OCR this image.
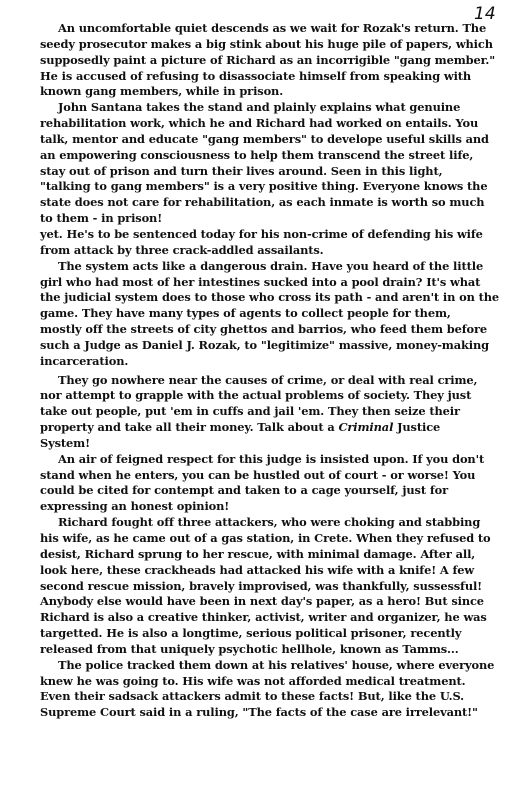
14

An uncomfortable quiet descends as we wait for Rozak's return. The
seedy prosecutor makes a big stink about his huge pile of papers, which
supposedly paint a picture of Richard as an incorrigible "gang member."
He is accused of refusing to disassociate himself from speaking with
known gang members, while in prison.

John Santana takes the stand and plainly explains what genuine
rehabilitation work, which he and Richard had worked on entails. You
talk, mentor and educate "gang members" to develope useful skills and
an empowering consciousness to help them transcend the street life,
stay out of prison and turn their lives around. Seen in this light,
"talking to gang members" is a very positive thing. Everyone knows the
state does not care for rehabilitation, as each inmate is worth so much
to them - in prison!

yet. He's to be sentenced today for his non-crime of defending his wife
from attack by three crack-addled assailants.

The system acts like a dangerous drain. Have you heard of the little
girl who had most of her intestines sucked into a pool drain? It's what
the judicial system does to those who cross its path - and aren't in on the
game. They have many types of agents to collect people for them,
mostly off the streets of city ghettos and barrios, who feed them before
such a Judge as Daniel J. Rozak, to "legitimize" massive, money-making
incarceration.

They go nowhere near the causes of crime, or deal with real crime,
nor attempt to grapple with the actual problems of society. They just
take out people, put 'em in cuffs and jail 'em. They then seize their
property and take all their money. Talk about a Criminal Justice
System!

An air of feigned respect for this judge is insisted upon. If you don't
stand when he enters, you can be hustled out of court - or worse! You
could be cited for contempt and taken to a cage yourself, just for
expressing an honest opinion!

Richard fought off three attackers, who were choking and stabbing
his wife, as he came out of a gas station, in Crete. When they refused to
desist, Richard sprung to her rescue, with minimal damage. After all,
look here, these crackheads had attacked his wife with a knife! A few
second rescue mission, bravely improvised, was thankfully, sussessful!
Anybody else would have been in next day's paper, as a hero! But since
Richard is also a creative thinker, activist, writer and organizer, he was
targetted. He is also a longtime, serious political prisoner, recently
released from that uniquely psychotic hellhole, known as Tamms...

The police tracked them down at his relatives' house, where everyone
knew he was going to. His wife was not afforded medical treatment.
Even their sadsack attackers admit to these facts! But, like the U.S.
Supreme Court said in a ruling, "The facts of the case are irrelevant!"
